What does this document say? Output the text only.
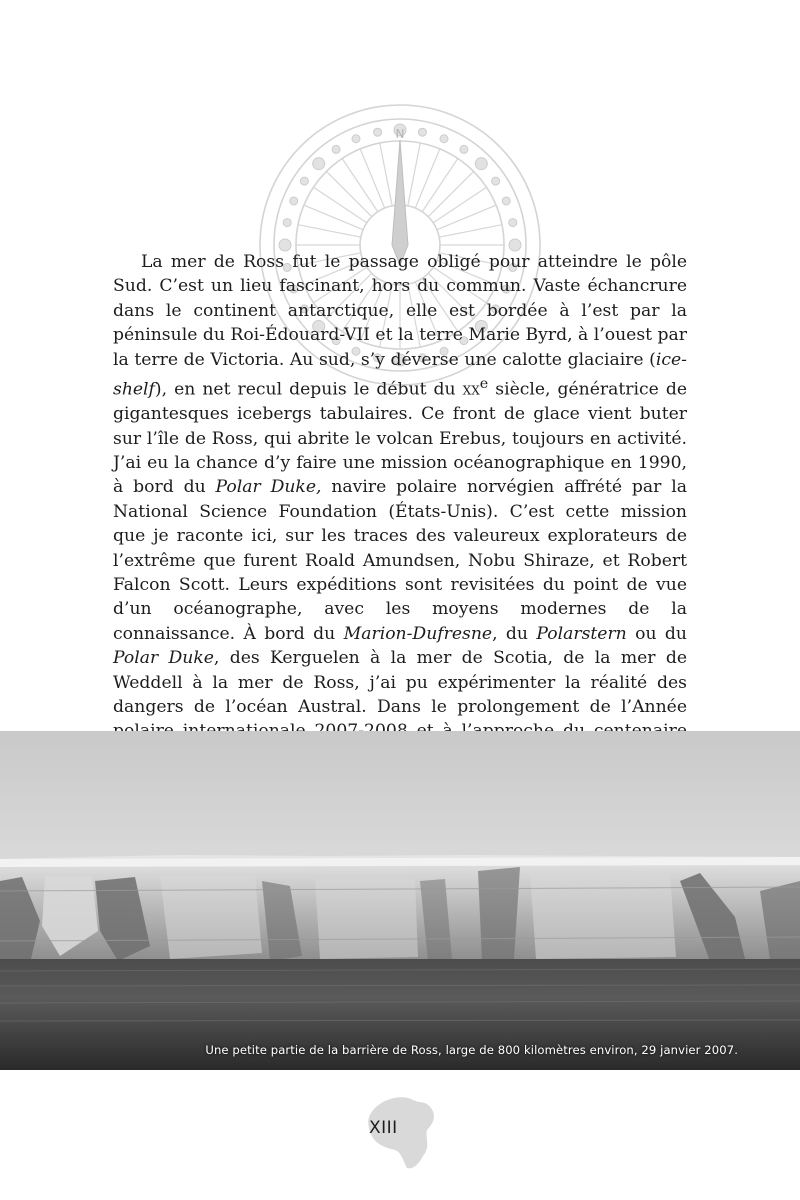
N

La mer de Ross fut le passage obligé pour atteindre le pôle Sud. C’est un lieu fascinant, hors du commun. Vaste échancrure dans le continent antarctique, elle est bordée à l’est par la péninsule du Roi-Édouard-VII et la terre Marie Byrd, à l’ouest par la terre de Victoria. Au sud, s’y déverse une calotte glaciaire (ice-shelf), en net recul depuis le début du $xx^e$ siècle, génératrice de gigantesques icebergs tabulaires. Ce front de glace vient buter sur l’île de Ross, qui abrite le volcan Erebus, toujours en activité. J’ai eu la chance d’y faire une mission océanographique en 1990, à bord du Polar Duke, navire polaire norvégien affrété par la National Science Foundation (États-Unis). C’est cette mission que je raconte ici, sur les traces des valeureux explorateurs de l’extrême que furent Roald Amundsen, Nobu Shiraze, et Robert Falcon Scott. Leurs expéditions sont revisitées du point de vue d’un océanographe, avec les moyens modernes de la connaissance. À bord du Marion-Dufresne, du Polarstern ou du Polar Duke, des Kerguelen à la mer de Scotia, de la mer de Weddell à la mer de Ross, j’ai pu expérimenter la réalité des dangers de l’océan Austral. Dans le prolongement de l’Année

Une petite partie de la barrière de Ross, large de 800 kilomètres environ, 29 janvier 2007.
XIII
